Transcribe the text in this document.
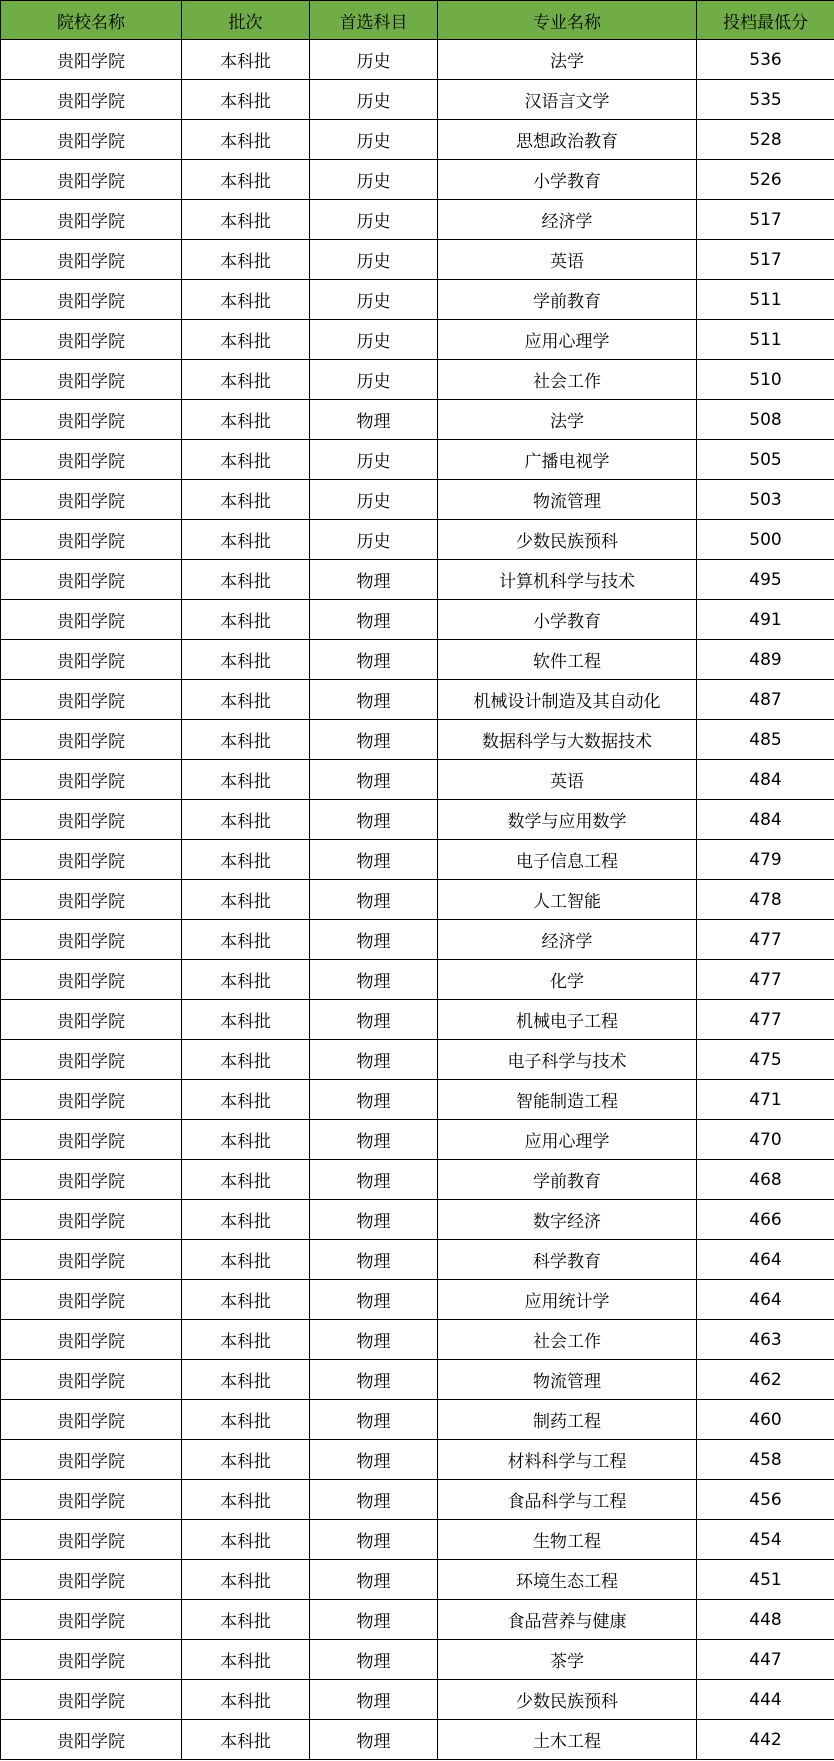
院校名称	批次	首选科目	专业名称	投档最低分
贵阳学院	本科批	历史	法学	536
贵阳学院	本科批	历史	汉语言文学	535
贵阳学院	本科批	历史	思想政治教育	528
贵阳学院	本科批	历史	小学教育	526
贵阳学院	本科批	历史	经济学	517
贵阳学院	本科批	历史	英语	517
贵阳学院	本科批	历史	学前教育	511
贵阳学院	本科批	历史	应用心理学	511
贵阳学院	本科批	历史	社会工作	510
贵阳学院	本科批	物理	法学	508
贵阳学院	本科批	历史	广播电视学	505
贵阳学院	本科批	历史	物流管理	503
贵阳学院	本科批	历史	少数民族预科	500
贵阳学院	本科批	物理	计算机科学与技术	495
贵阳学院	本科批	物理	小学教育	491
贵阳学院	本科批	物理	软件工程	489
贵阳学院	本科批	物理	机械设计制造及其自动化	487
贵阳学院	本科批	物理	数据科学与大数据技术	485
贵阳学院	本科批	物理	英语	484
贵阳学院	本科批	物理	数学与应用数学	484
贵阳学院	本科批	物理	电子信息工程	479
贵阳学院	本科批	物理	人工智能	478
贵阳学院	本科批	物理	经济学	477
贵阳学院	本科批	物理	化学	477
贵阳学院	本科批	物理	机械电子工程	477
贵阳学院	本科批	物理	电子科学与技术	475
贵阳学院	本科批	物理	智能制造工程	471
贵阳学院	本科批	物理	应用心理学	470
贵阳学院	本科批	物理	学前教育	468
贵阳学院	本科批	物理	数字经济	466
贵阳学院	本科批	物理	科学教育	464
贵阳学院	本科批	物理	应用统计学	464
贵阳学院	本科批	物理	社会工作	463
贵阳学院	本科批	物理	物流管理	462
贵阳学院	本科批	物理	制药工程	460
贵阳学院	本科批	物理	材料科学与工程	458
贵阳学院	本科批	物理	食品科学与工程	456
贵阳学院	本科批	物理	生物工程	454
贵阳学院	本科批	物理	环境生态工程	451
贵阳学院	本科批	物理	食品营养与健康	448
贵阳学院	本科批	物理	茶学	447
贵阳学院	本科批	物理	少数民族预科	444
贵阳学院	本科批	物理	土木工程	442
